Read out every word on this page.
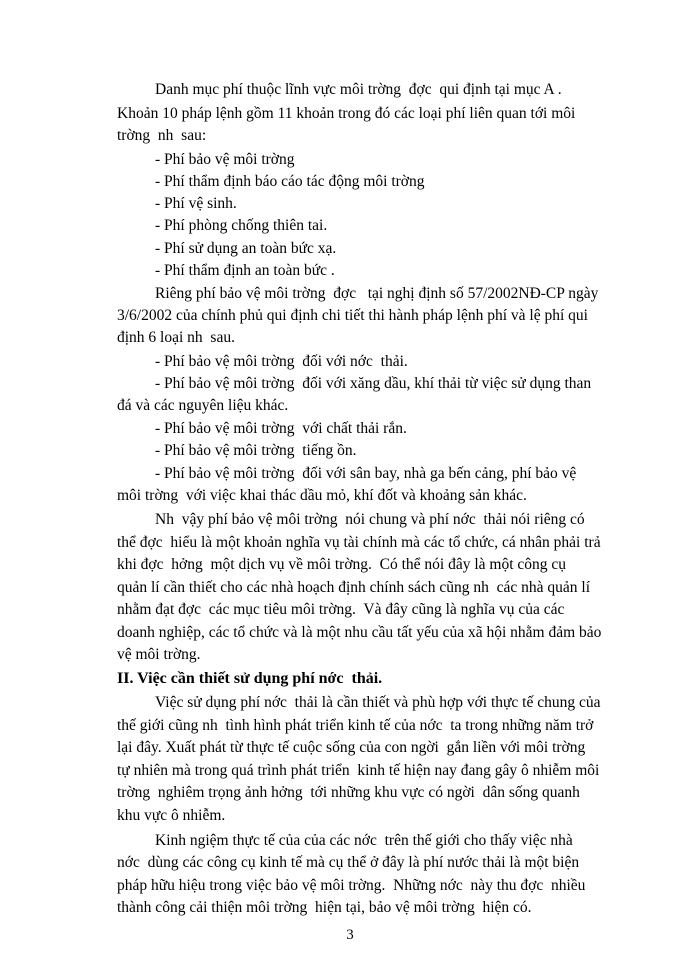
Danh mục phí thuộc lĩnh vực môi trờng  đợc  qui định tại mục A .
Khoản 10 pháp lệnh gồm 11 khoản trong đó các loại phí liên quan tới môi
trờng  nh  sau:
- Phí bảo vệ môi trờng
- Phí thẩm định báo cáo tác động môi trờng
- Phí vệ sinh.
- Phí phòng chống thiên tai.
- Phí sử dụng an toàn bức xạ.
- Phí thẩm định an toàn bức .
Riêng phí bảo vệ môi trờng  đợc   tại nghị định số 57/2002NĐ-CP ngày
3/6/2002 của chính phủ qui định chi tiết thi hành pháp lệnh phí và lệ phí qui
định 6 loại nh  sau.
- Phí bảo vệ môi trờng  đối với nớc  thải.
- Phí bảo vệ môi trờng  đối với xăng dầu, khí thải từ việc sử dụng than
đá và các nguyên liệu khác.
- Phí bảo vệ môi trờng  với chất thải rắn.
- Phí bảo vệ môi trờng  tiếng ồn.
- Phí bảo vệ môi trờng  đối với sân bay, nhà ga bến cảng, phí bảo vệ
môi trờng  với việc khai thác dầu mỏ, khí đốt và khoảng sản khác.
Nh  vậy phí bảo vệ môi trờng  nói chung và phí nớc  thải nói riêng có
thể đợc  hiểu là một khoản nghĩa vụ tài chính mà các tổ chức, cá nhân phải trả
khi đợc  hởng  một dịch vụ về môi trờng.  Có thể nói đây là một công cụ
quản lí cần thiết cho các nhà hoạch định chính sách cũng nh  các nhà quản lí
nhằm đạt đợc  các mục tiêu môi trờng.  Và đây cũng là nghĩa vụ của các
doanh nghiệp, các tổ chức và là một nhu cầu tất yếu của xã hội nhằm đảm bảo
vệ môi trờng.
II. Việc cần thiết sử dụng phí nớc  thải.
Việc sử dụng phí nớc  thải là cần thiết và phù hợp với thực tế chung của
thế giới cũng nh  tình hình phát triển kinh tế của nớc  ta trong những năm trở
lại đây. Xuất phát từ thực tế cuộc sống của con ngời  gắn liền với môi trờng
tự nhiên mà trong quá trình phát triển  kinh tế hiện nay đang gây ô nhiễm môi
trờng  nghiêm trọng ảnh hởng  tới những khu vực có ngời  dân sống quanh
khu vực ô nhiễm.
Kinh ngiệm thực tế của của các nớc  trên thế giới cho thấy việc nhà
nớc  dùng các công cụ kinh tế mà cụ thể ở đây là phí nước thải là một biện
pháp hữu hiệu trong việc bảo vệ môi trờng.  Những nớc  này thu đợc  nhiều
thành công cải thiện môi trờng  hiện tại, bảo vệ môi trờng  hiện có.
3
